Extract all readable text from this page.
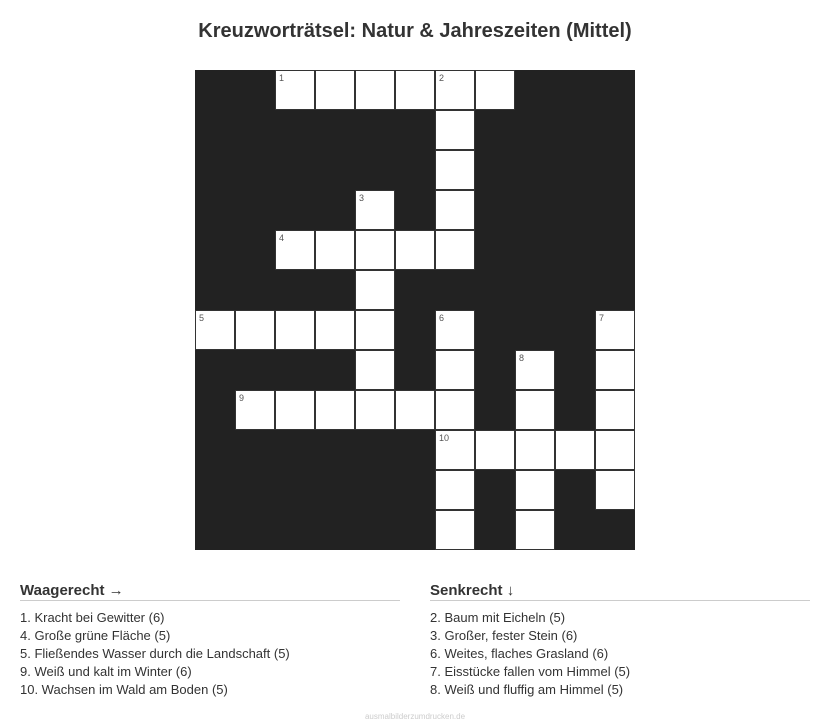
Kreuzworträtsel: Natur & Jahreszeiten (Mittel)
1	2
3
4
5	6	7
8
9
10
Waagerecht →
1. Kracht bei Gewitter (6)
4. Große grüne Fläche (5)
5. Fließendes Wasser durch die Landschaft (5)
9. Weiß und kalt im Winter (6)
10. Wachsen im Wald am Boden (5)
Senkrecht ↓
2. Baum mit Eicheln (5)
3. Großer, fester Stein (6)
6. Weites, flaches Grasland (6)
7. Eisstücke fallen vom Himmel (5)
8. Weiß und fluffig am Himmel (5)
ausmalbilderzumdrucken.de
